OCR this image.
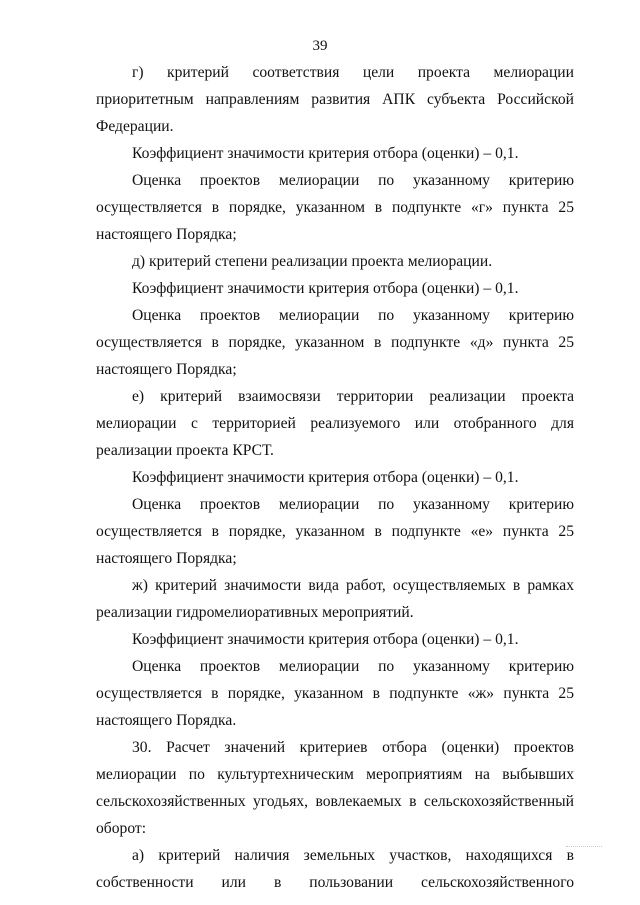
39

г) критерий соответствия цели проекта мелиорации приоритетным направлениям развития АПК субъекта Российской Федерации.

Коэффициент значимости критерия отбора (оценки) – 0,1.

Оценка проектов мелиорации по указанному критерию осуществляется в порядке, указанном в подпункте «г» пункта 25 настоящего Порядка;

д) критерий степени реализации проекта мелиорации.

Коэффициент значимости критерия отбора (оценки) – 0,1.

Оценка проектов мелиорации по указанному критерию осуществляется в порядке, указанном в подпункте «д» пункта 25 настоящего Порядка;

е) критерий взаимосвязи территории реализации проекта мелиорации с территорией реализуемого или отобранного для реализации проекта КРСТ.

Коэффициент значимости критерия отбора (оценки) – 0,1.

Оценка проектов мелиорации по указанному критерию осуществляется в порядке, указанном в подпункте «е» пункта 25 настоящего Порядка;

ж) критерий значимости вида работ, осуществляемых в рамках реализации гидромелиоративных мероприятий.

Коэффициент значимости критерия отбора (оценки) – 0,1.

Оценка проектов мелиорации по указанному критерию осуществляется в порядке, указанном в подпункте «ж» пункта 25 настоящего Порядка.

30. Расчет значений критериев отбора (оценки) проектов мелиорации по культуртехническим мероприятиям на выбывших сельскохозяйственных угодьях, вовлекаемых в сельскохозяйственный оборот:

а) критерий наличия земельных участков, находящихся в собственности или в пользовании сельскохозяйственного
